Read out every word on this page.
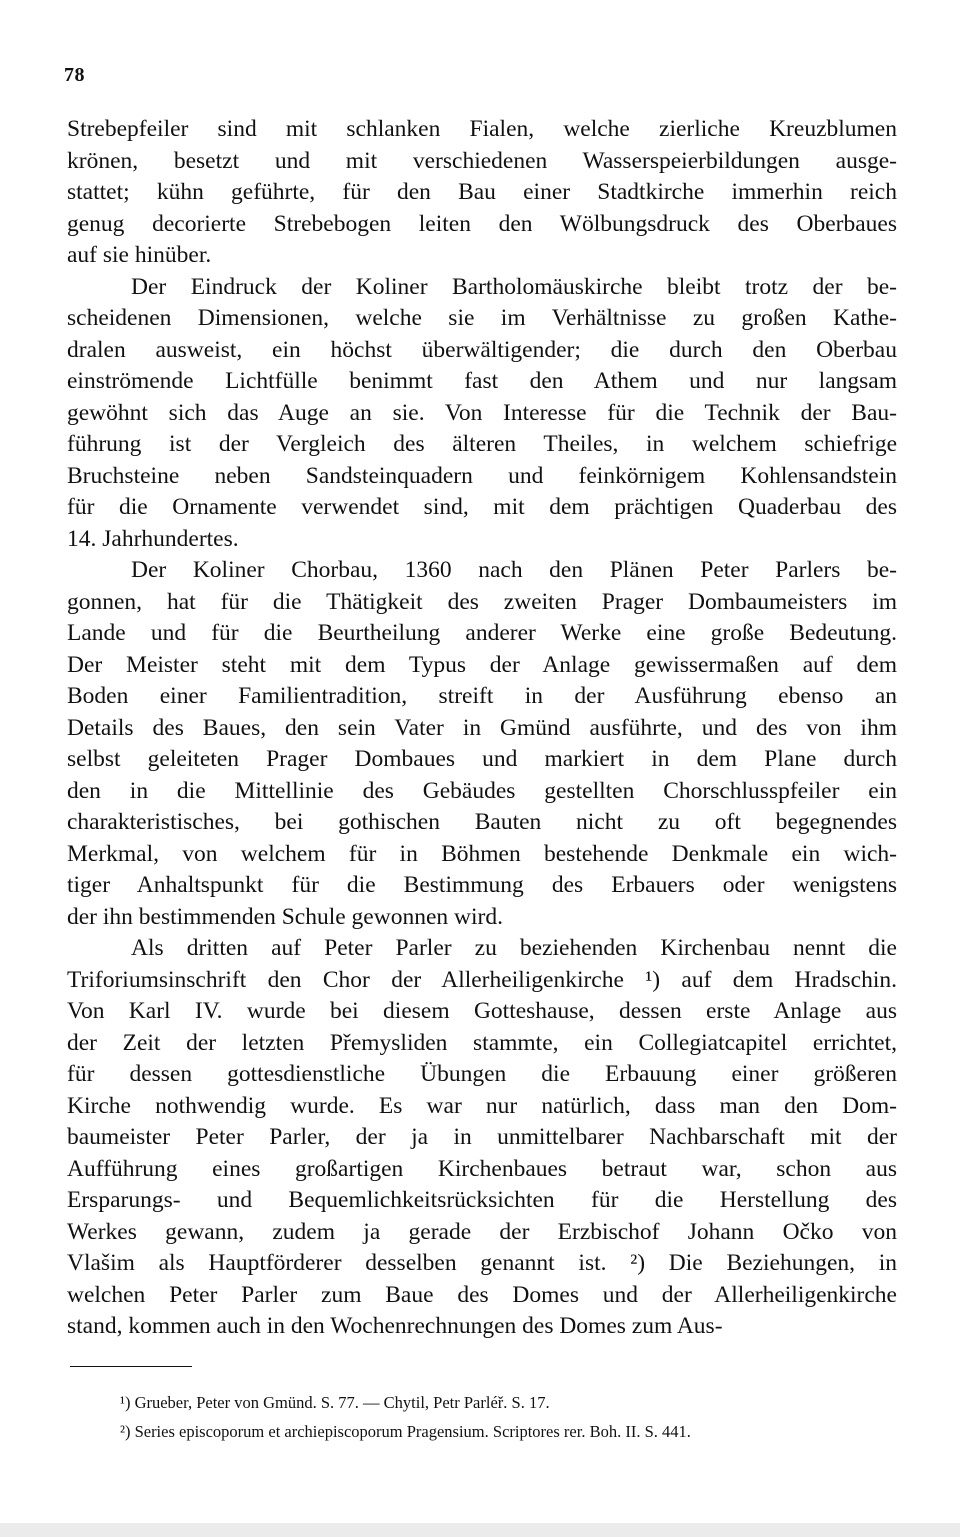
78
Strebepfeiler sind mit schlanken Fialen, welche zierliche Kreuzblumen
krönen, besetzt und mit verschiedenen Wasserspeierbildungen ausge-
stattet; kühn geführte, für den Bau einer Stadtkirche immerhin reich
genug decorierte Strebebogen leiten den Wölbungsdruck des Oberbaues
auf sie hinüber.
Der Eindruck der Koliner Bartholomäuskirche bleibt trotz der be-
scheidenen Dimensionen, welche sie im Verhältnisse zu großen Kathe-
dralen ausweist, ein höchst überwältigender; die durch den Oberbau
einströmende Lichtfülle benimmt fast den Athem und nur langsam
gewöhnt sich das Auge an sie. Von Interesse für die Technik der Bau-
führung ist der Vergleich des älteren Theiles, in welchem schiefrige
Bruchsteine neben Sandsteinquadern und feinkörnigem Kohlensandstein
für die Ornamente verwendet sind, mit dem prächtigen Quaderbau des
14. Jahrhundertes.
Der Koliner Chorbau, 1360 nach den Plänen Peter Parlers be-
gonnen, hat für die Thätigkeit des zweiten Prager Dombaumeisters im
Lande und für die Beurtheilung anderer Werke eine große Bedeutung.
Der Meister steht mit dem Typus der Anlage gewissermaßen auf dem
Boden einer Familientradition, streift in der Ausführung ebenso an
Details des Baues, den sein Vater in Gmünd ausführte, und des von ihm
selbst geleiteten Prager Dombaues und markiert in dem Plane durch
den in die Mittellinie des Gebäudes gestellten Chorschlusspfeiler ein
charakteristisches, bei gothischen Bauten nicht zu oft begegnendes
Merkmal, von welchem für in Böhmen bestehende Denkmale ein wich-
tiger Anhaltspunkt für die Bestimmung des Erbauers oder wenigstens
der ihn bestimmenden Schule gewonnen wird.
Als dritten auf Peter Parler zu beziehenden Kirchenbau nennt die
Triforiumsinschrift den Chor der Allerheiligenkirche ¹) auf dem Hradschin.
Von Karl IV. wurde bei diesem Gotteshause, dessen erste Anlage aus
der Zeit der letzten Přemysliden stammte, ein Collegiatcapitel errichtet,
für dessen gottesdienstliche Übungen die Erbauung einer größeren
Kirche nothwendig wurde. Es war nur natürlich, dass man den Dom-
baumeister Peter Parler, der ja in unmittelbarer Nachbarschaft mit der
Aufführung eines großartigen Kirchenbaues betraut war, schon aus
Ersparungs- und Bequemlichkeitsrücksichten für die Herstellung des
Werkes gewann, zudem ja gerade der Erzbischof Johann Očko von
Vlašim als Hauptförderer desselben genannt ist. ²) Die Beziehungen, in
welchen Peter Parler zum Baue des Domes und der Allerheiligenkirche
stand, kommen auch in den Wochenrechnungen des Domes zum Aus-
¹) Grueber, Peter von Gmünd. S. 77. — Chytil, Petr Parléř. S. 17.
²) Series episcoporum et archiepiscoporum Pragensium. Scriptores rer. Boh. II. S. 441.
